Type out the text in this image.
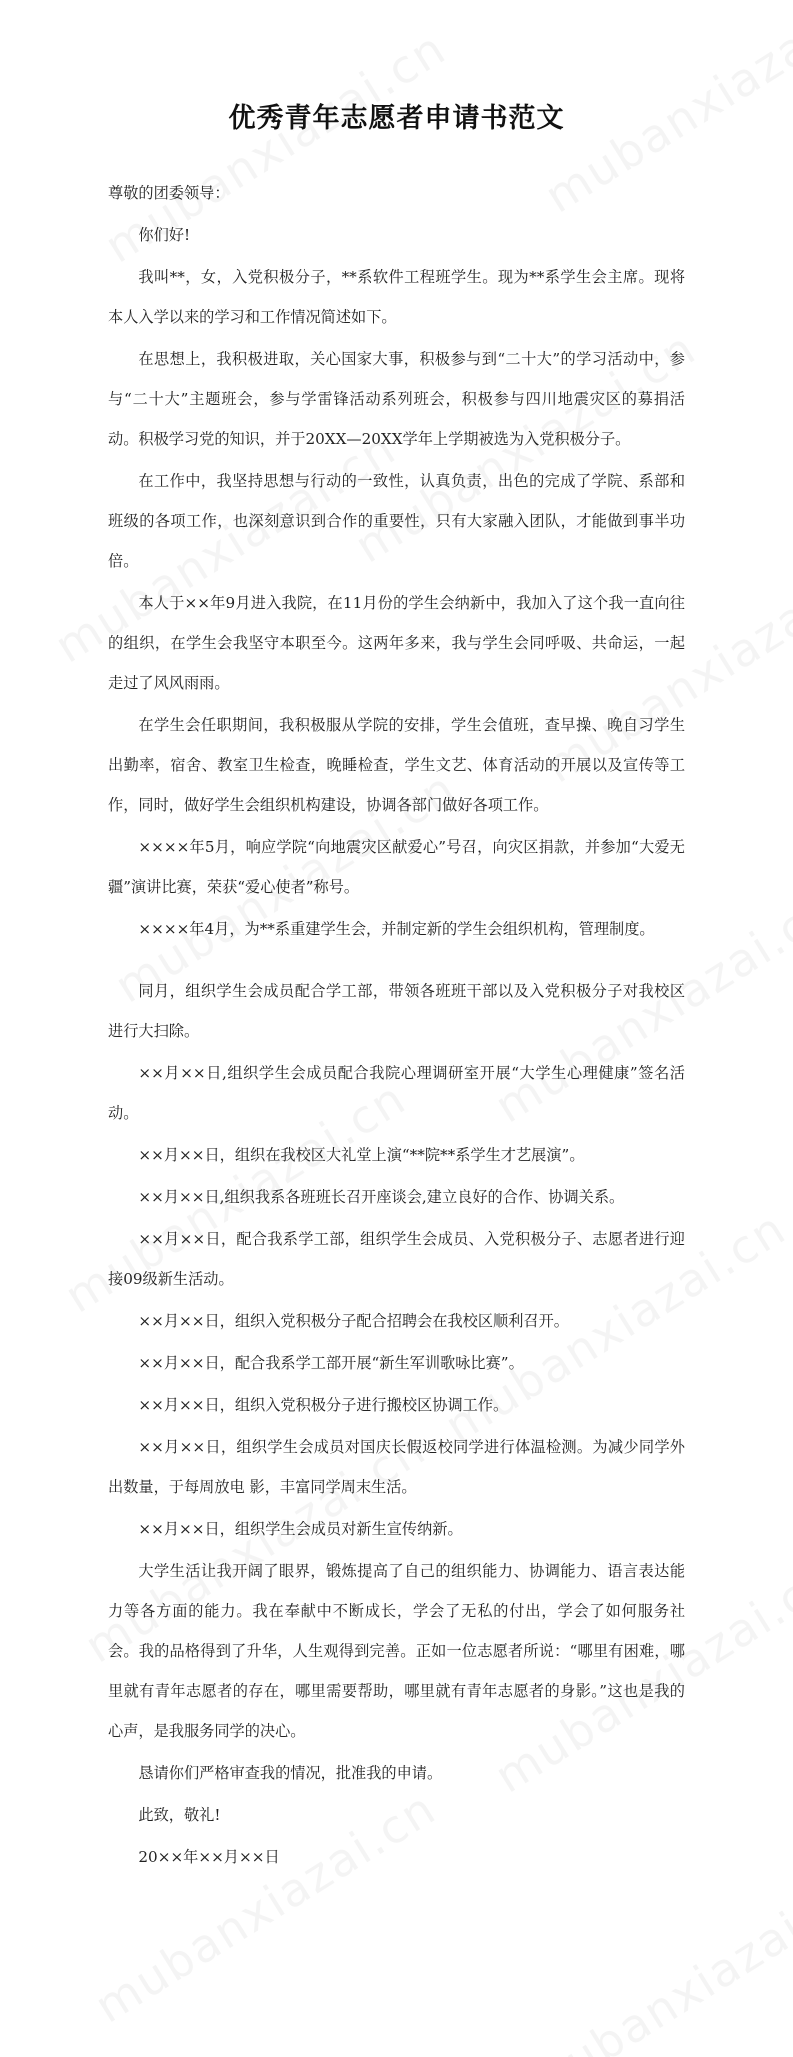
优秀青年志愿者申请书范文

尊敬的团委领导：

你们好!

我叫**，女，入党积极分子，**系软件工程班学生。现为**系学生会主席。现将本人入学以来的学习和工作情况简述如下。

在思想上，我积极进取，关心国家大事，积极参与到“二十大”的学习活动中，参与“二十大”主题班会，参与学雷锋活动系列班会，积极参与四川地震灾区的募捐活动。积极学习党的知识，并于20XX—20XX学年上学期被选为入党积极分子。

在工作中，我坚持思想与行动的一致性，认真负责，出色的完成了学院、系部和班级的各项工作，也深刻意识到合作的重要性，只有大家融入团队，才能做到事半功倍。

本人于××年9月进入我院，在11月份的学生会纳新中，我加入了这个我一直向往的组织，在学生会我坚守本职至今。这两年多来，我与学生会同呼吸、共命运，一起走过了风风雨雨。

在学生会任职期间，我积极服从学院的安排，学生会值班，查早操、晚自习学生出勤率，宿舍、教室卫生检查，晚睡检查，学生文艺、体育活动的开展以及宣传等工作，同时，做好学生会组织机构建设，协调各部门做好各项工作。

××××年5月，响应学院“向地震灾区献爱心”号召，向灾区捐款，并参加“大爱无疆”演讲比赛，荣获“爱心使者”称号。

××××年4月，为**系重建学生会，并制定新的学生会组织机构，管理制度。

同月，组织学生会成员配合学工部，带领各班班干部以及入党积极分子对我校区进行大扫除。

××月××日,组织学生会成员配合我院心理调研室开展“大学生心理健康”签名活动。

××月××日，组织在我校区大礼堂上演“**院**系学生才艺展演”。

××月××日,组织我系各班班长召开座谈会,建立良好的合作、协调关系。

××月××日，配合我系学工部，组织学生会成员、入党积极分子、志愿者进行迎接09级新生活动。

××月××日，组织入党积极分子配合招聘会在我校区顺利召开。

××月××日，配合我系学工部开展“新生军训歌咏比赛”。

××月××日，组织入党积极分子进行搬校区协调工作。

××月××日，组织学生会成员对国庆长假返校同学进行体温检测。为减少同学外出数量，于每周放电 影，丰富同学周末生活。

××月××日，组织学生会成员对新生宣传纳新。

大学生活让我开阔了眼界，锻炼提高了自己的组织能力、协调能力、语言表达能力等各方面的能力。我在奉献中不断成长，学会了无私的付出，学会了如何服务社会。我的品格得到了升华，人生观得到完善。正如一位志愿者所说：“哪里有困难，哪里就有青年志愿者的存在，哪里需要帮助，哪里就有青年志愿者的身影。”这也是我的心声，是我服务同学的决心。

恳请你们严格审查我的情况，批准我的申请。

此致，敬礼!

20××年××月××日
